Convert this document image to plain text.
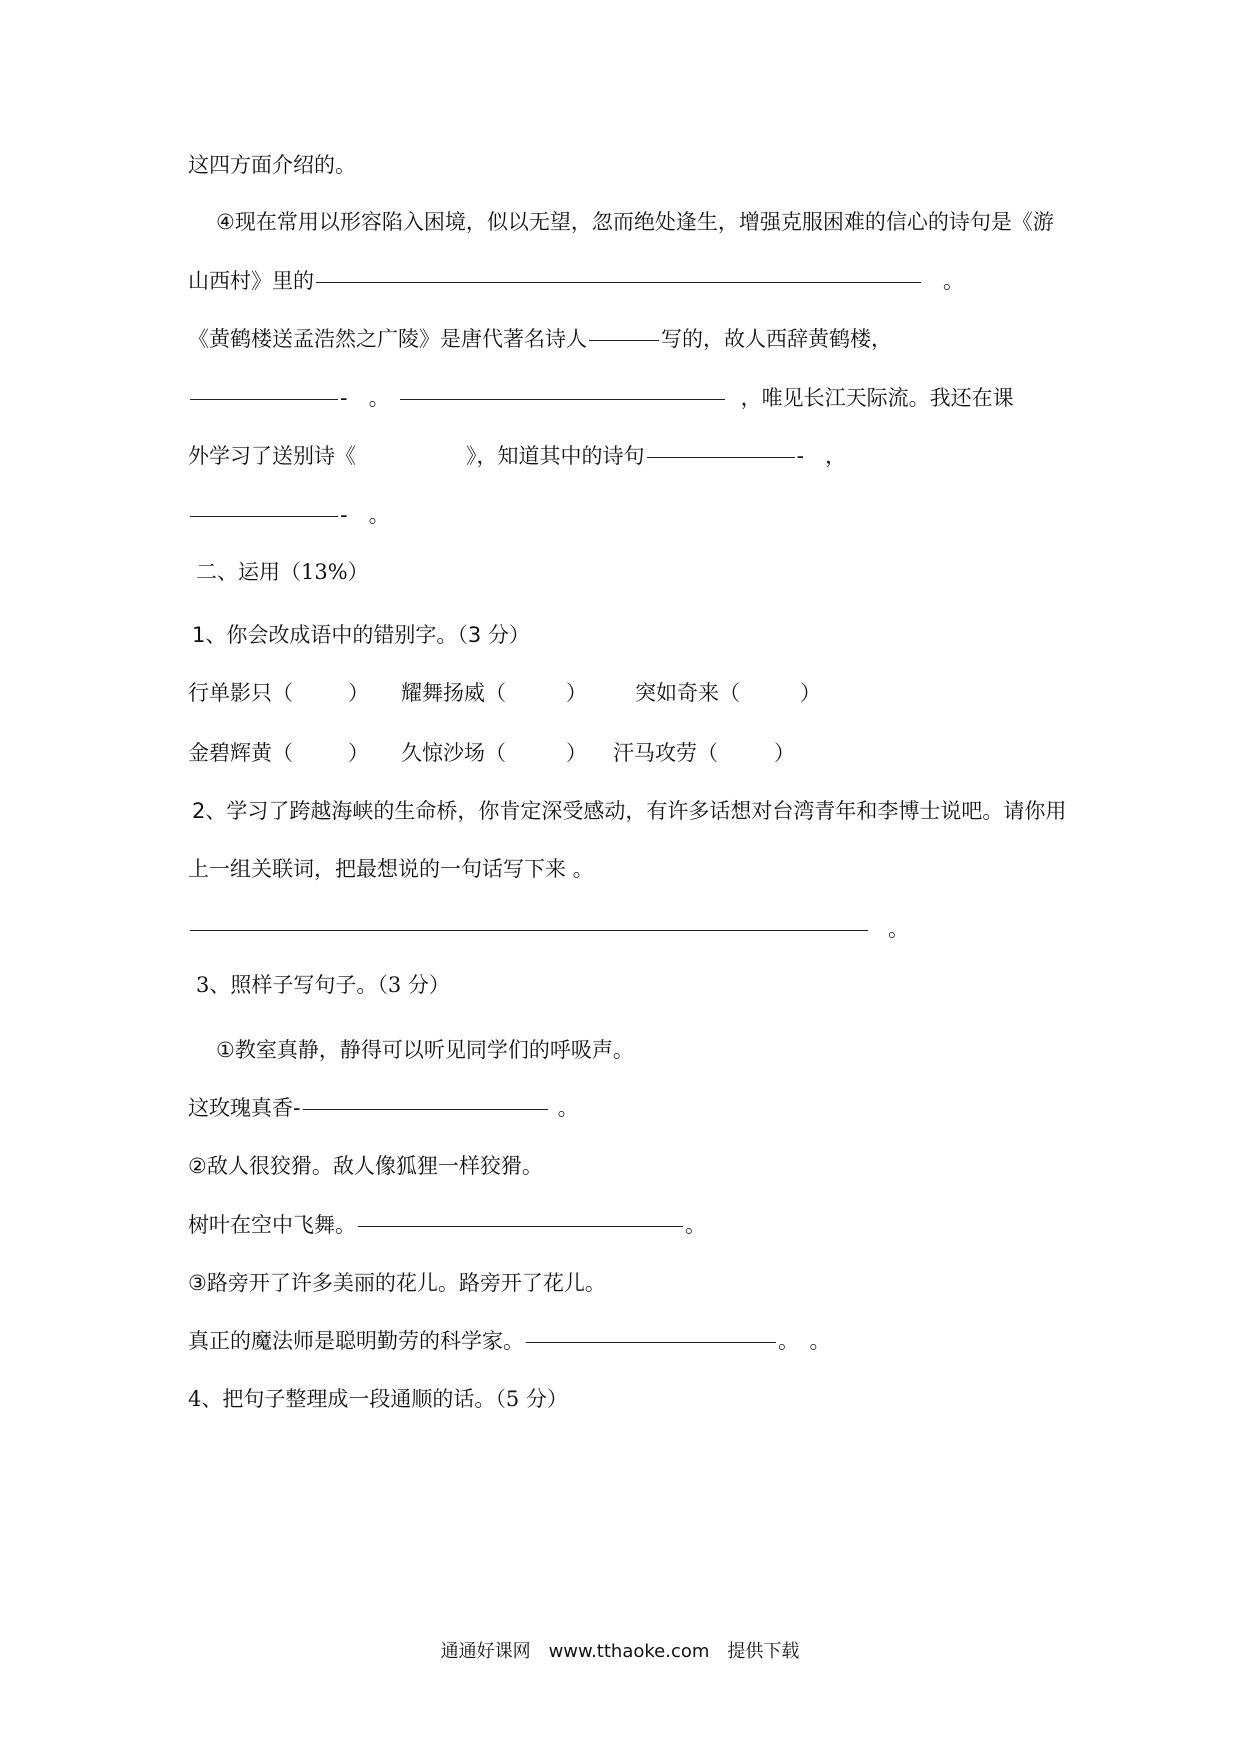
这四方面介绍的。
④现在常用以形容陷入困境，似以无望，忽而绝处逢生，增强克服困难的信心的诗句是《游
山西村》里的	。
《黄鹤楼送孟浩然之广陵》是唐代著名诗人	写的，故人西辞黄鹤楼，
-　。	，唯见长江天际流。我还在课
外学习了送别诗《	》，知道其中的诗句	-　，
-　。
二、运用（13%）
1、你会改成语中的错别字。（3 分）
行单影只（	） 耀舞扬威（	） 突如奇来（	）
金碧辉黄（	） 久惊沙场（	） 汗马攻劳（	）
2、学习了跨越海峡的生命桥，你肯定深受感动，有许多话想对台湾青年和李博士说吧。请你用
上一组关联词，把最想说的一句话写下来 。
。
3、照样子写句子。（3 分）
①教室真静，静得可以听见同学们的呼吸声。
这玫瑰真香-	。
②敌人很狡猾。敌人像狐狸一样狡猾。
树叶在空中飞舞。	。
③路旁开了许多美丽的花儿。路旁开了花儿。
真正的魔法师是聪明勤劳的科学家。	。　。
4、把句子整理成一段通顺的话。（5 分）
通通好课网　www.tthaoke.com　提供下载
